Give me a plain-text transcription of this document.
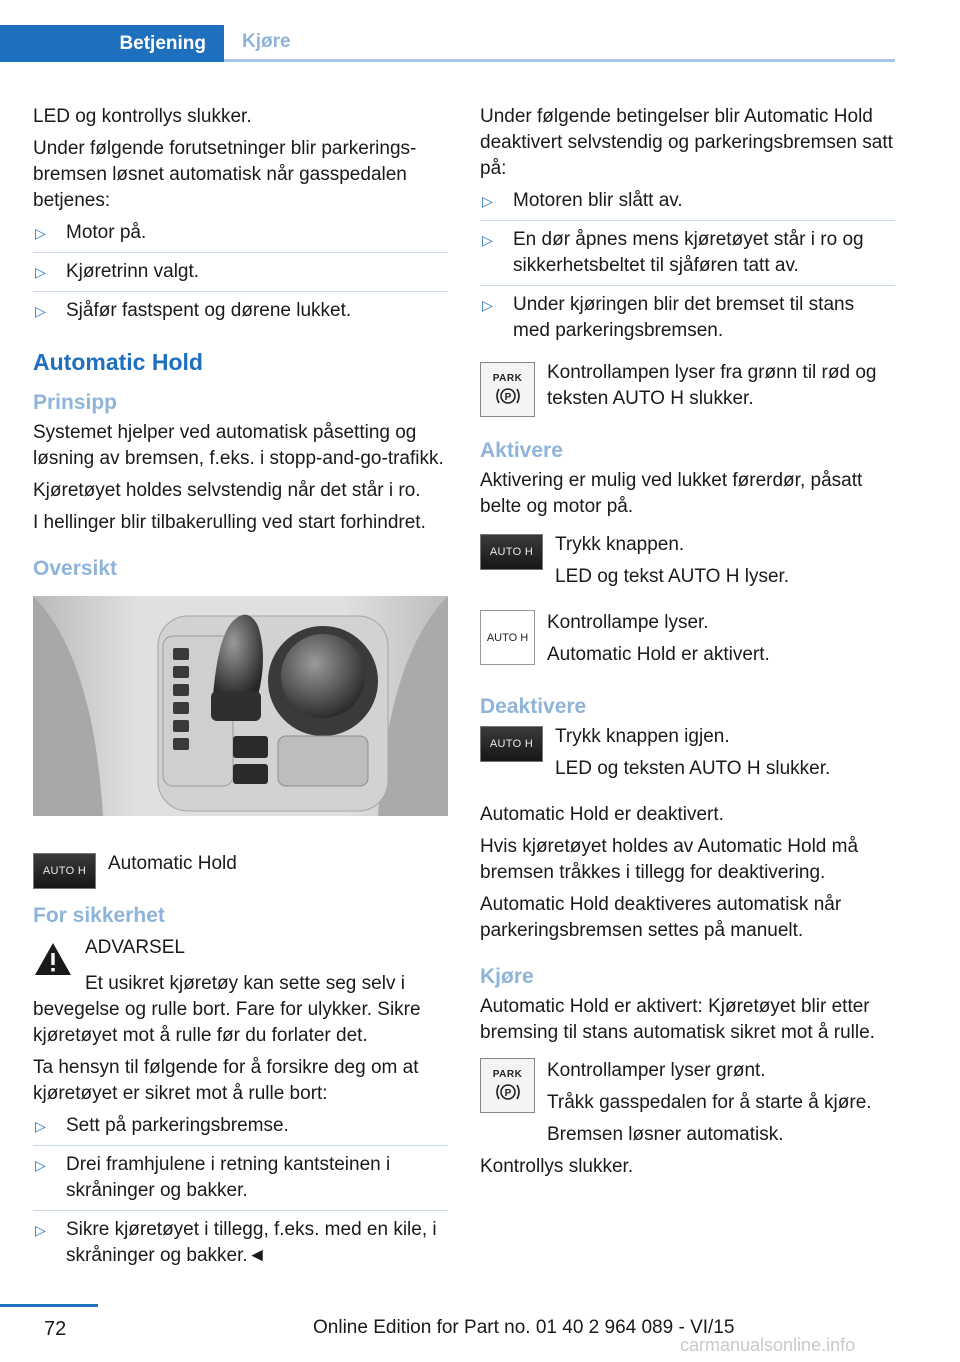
Betjening	Kjøre

LED og kontrollys slukker.

Under følgende forutsetninger blir parkeringsbremsen løsnet automatisk når gasspedalen betjenes:

▷ Motor på.
▷ Kjøretrinn valgt.
▷ Sjåfør fastspent og dørene lukket.
Automatic Hold
Prinsipp

Systemet hjelper ved automatisk påsetting og løsning av bremsen, f.eks. i stopp-and-go-trafikk.

Kjøretøyet holdes selvstendig når det står i ro.

I hellinger blir tilbakerulling ved start forhindret.

Oversikt
AUTO H	Automatic Hold

For sikkerhet

ADVARSEL

Et usikret kjøretøy kan sette seg selv i bevegelse og rulle bort. Fare for ulykker. Sikre kjøretøyet mot å rulle før du forlater det.

Ta hensyn til følgende for å forsikre deg om at kjøretøyet er sikret mot å rulle bort:

▷ Sett på parkeringsbremse.
▷ Drei framhjulene i retning kantsteinen i skråninger og bakker.
▷ Sikre kjøretøyet i tillegg, f.eks. med en kile, i skråninger og bakker.◄

Under følgende betingelser blir Automatic Hold deaktivert selvstendig og parkeringsbremsen satt på:

▷ Motoren blir slått av.
▷ En dør åpnes mens kjøretøyet står i ro og sikkerhetsbeltet til sjåføren tatt av.
▷ Under kjøringen blir det bremset til stans med parkeringsbremsen.
PARK
P

Kontrollampen lyser fra grønn til rød og teksten AUTO H slukker.

Aktivere

Aktivering er mulig ved lukket førerdør, påsatt belte og motor på.

AUTO H	Trykk knappen.

LED og tekst AUTO H lyser.

AUTO H

Kontrollampe lyser.

Automatic Hold er aktivert.

Deaktivere
AUTO H	Trykk knappen igjen.

LED og teksten AUTO H slukker.

Automatic Hold er deaktivert.

Hvis kjøretøyet holdes av Automatic Hold må bremsen tråkkes i tillegg for deaktivering.

Automatic Hold deaktiveres automatisk når parkeringsbremsen settes på manuelt.

Kjøre

Automatic Hold er aktivert: Kjøretøyet blir etter bremsing til stans automatisk sikret mot å rulle.

PARK
P

Kontrollamper lyser grønt.

Tråkk gasspedalen for å starte å kjøre.

Bremsen løsner automatisk.

Kontrollys slukker.

72	Online Edition for Part no. 01 40 2 964 089 - VI/15
carmanualsonline.info
